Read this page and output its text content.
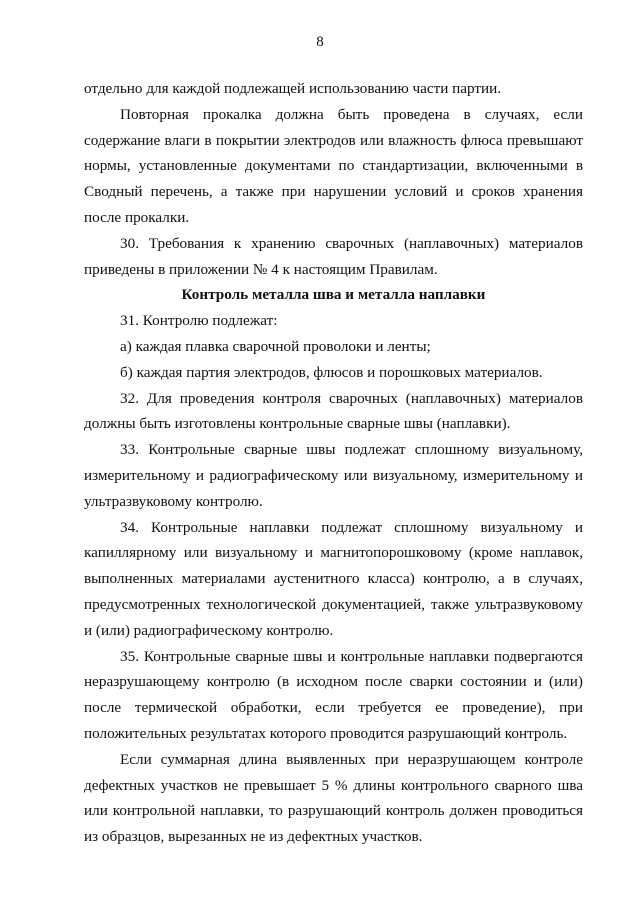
8

отдельно для каждой подлежащей использованию части партии.

Повторная прокалка должна быть проведена в случаях, если содержание влаги в покрытии электродов или влажность флюса превышают нормы, установленные документами по стандартизации, включенными в Сводный перечень, а также при нарушении условий и сроков хранения после прокалки.

30. Требования к хранению сварочных (наплавочных) материалов приведены в приложении № 4 к настоящим Правилам.

Контроль металла шва и металла наплавки

31. Контролю подлежат:

а) каждая плавка сварочной проволоки и ленты;

б) каждая партия электродов, флюсов и порошковых материалов.

32. Для проведения контроля сварочных (наплавочных) материалов должны быть изготовлены контрольные сварные швы (наплавки).

33. Контрольные сварные швы подлежат сплошному визуальному, измерительному и радиографическому или визуальному, измерительному и ультразвуковому контролю.

34. Контрольные наплавки подлежат сплошному визуальному и капиллярному или визуальному и магнитопорошковому (кроме наплавок, выполненных материалами аустенитного класса) контролю, а в случаях, предусмотренных технологической документацией, также ультразвуковому и (или) радиографическому контролю.

35. Контрольные сварные швы и контрольные наплавки подвергаются неразрушающему контролю (в исходном после сварки состоянии и (или) после термической обработки, если требуется ее проведение), при положительных результатах которого проводится разрушающий контроль.

Если суммарная длина выявленных при неразрушающем контроле дефектных участков не превышает 5 % длины контрольного сварного шва или контрольной наплавки, то разрушающий контроль должен проводиться из образцов, вырезанных не из дефектных участков.
